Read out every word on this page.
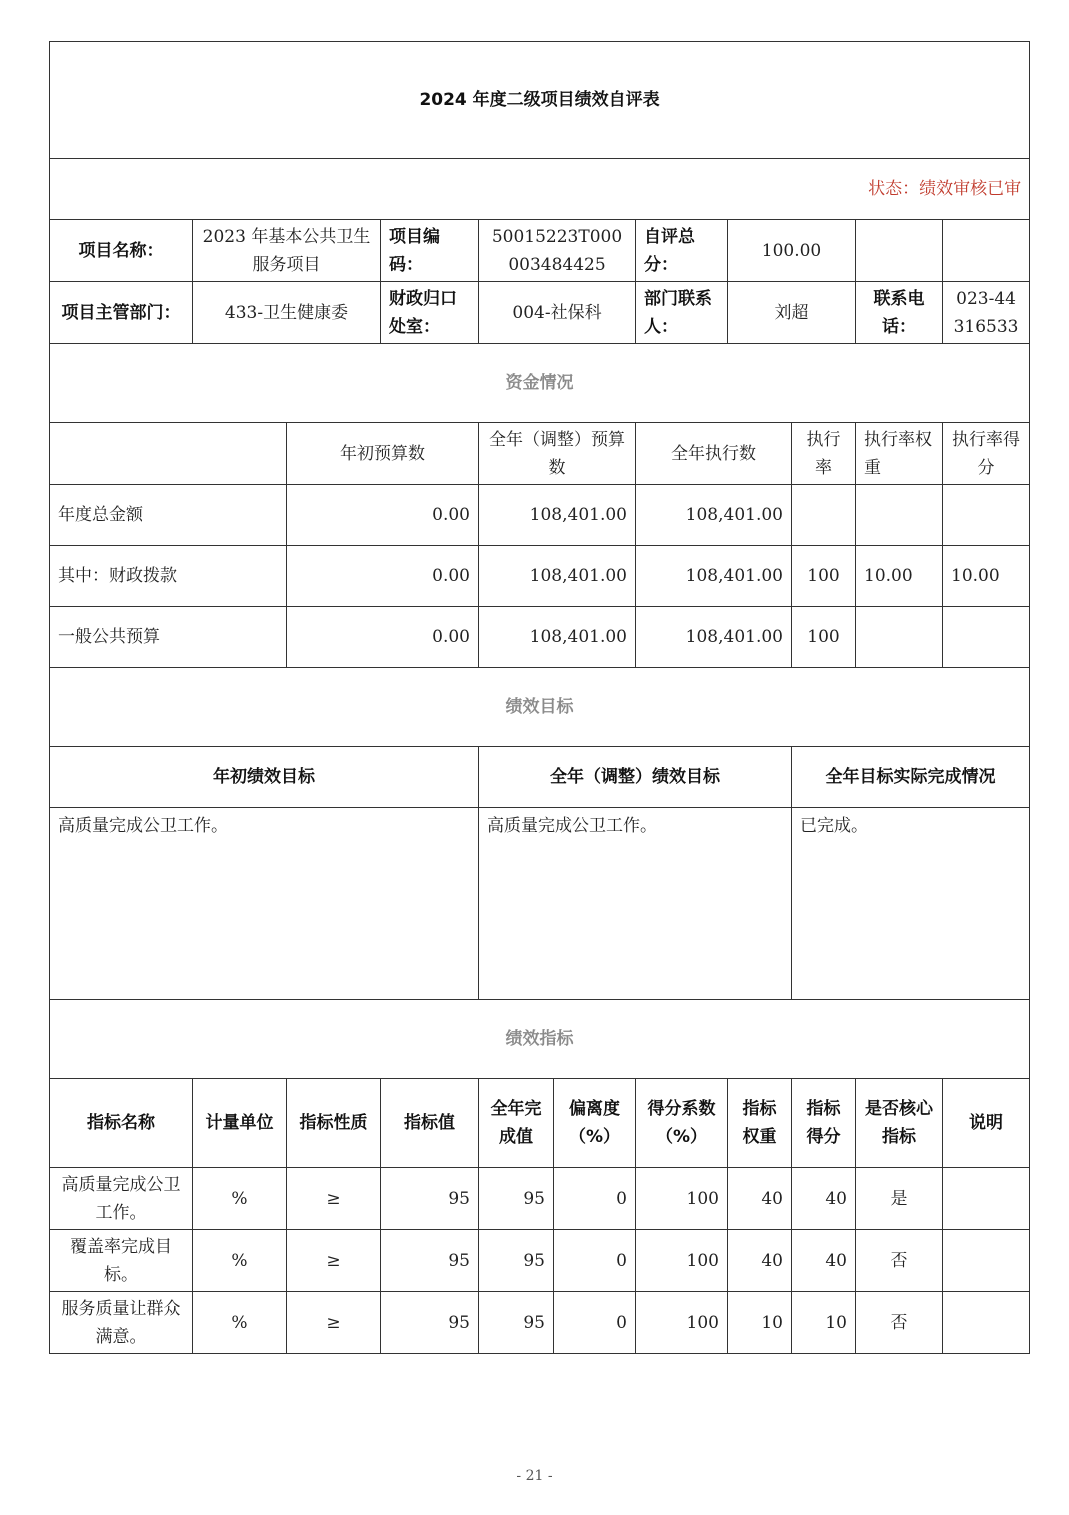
2024 年度二级项目绩效自评表										
状态：绩效审核已审										
项目名称：	2023 年基本公共卫生服务项目		项目编码：	50015223T000003484425		自评总分：	100.00			
项目主管部门：	433-卫生健康委		财政归口处室：	004-社保科		部门联系人：	刘超		联系电话：	023-44316533
资金情况										
		年初预算数		全年（调整）预算数		全年执行数		执行率	执行率权重	执行率得分
年度总金额		0.00		108,401.00		108,401.00				

其中：财政拨款		0.00		108,401.00		108,401.00		100	10.00	10.00
一般公共预算		0.00		108,401.00		108,401.00		100		
绩效目标										
年初绩效目标				全年（调整）绩效目标				全年目标实际完成情况		
高质量完成公卫工作。				高质量完成公卫工作。				已完成。		
绩效指标										
指标名称	计量单位	指标性质	指标值	全年完成值	偏离度（%）	得分系数（%）	指标权重	指标得分	是否核心指标	说明
高质量完成公卫工作。	%	≥	95	95	0	100	40	40	是	
覆盖率完成目标。	%	≥	95	95	0	100	40	40	否	
服务质量让群众满意。	%	≥	95	95	0	100	10	10	否	
- 21 -
